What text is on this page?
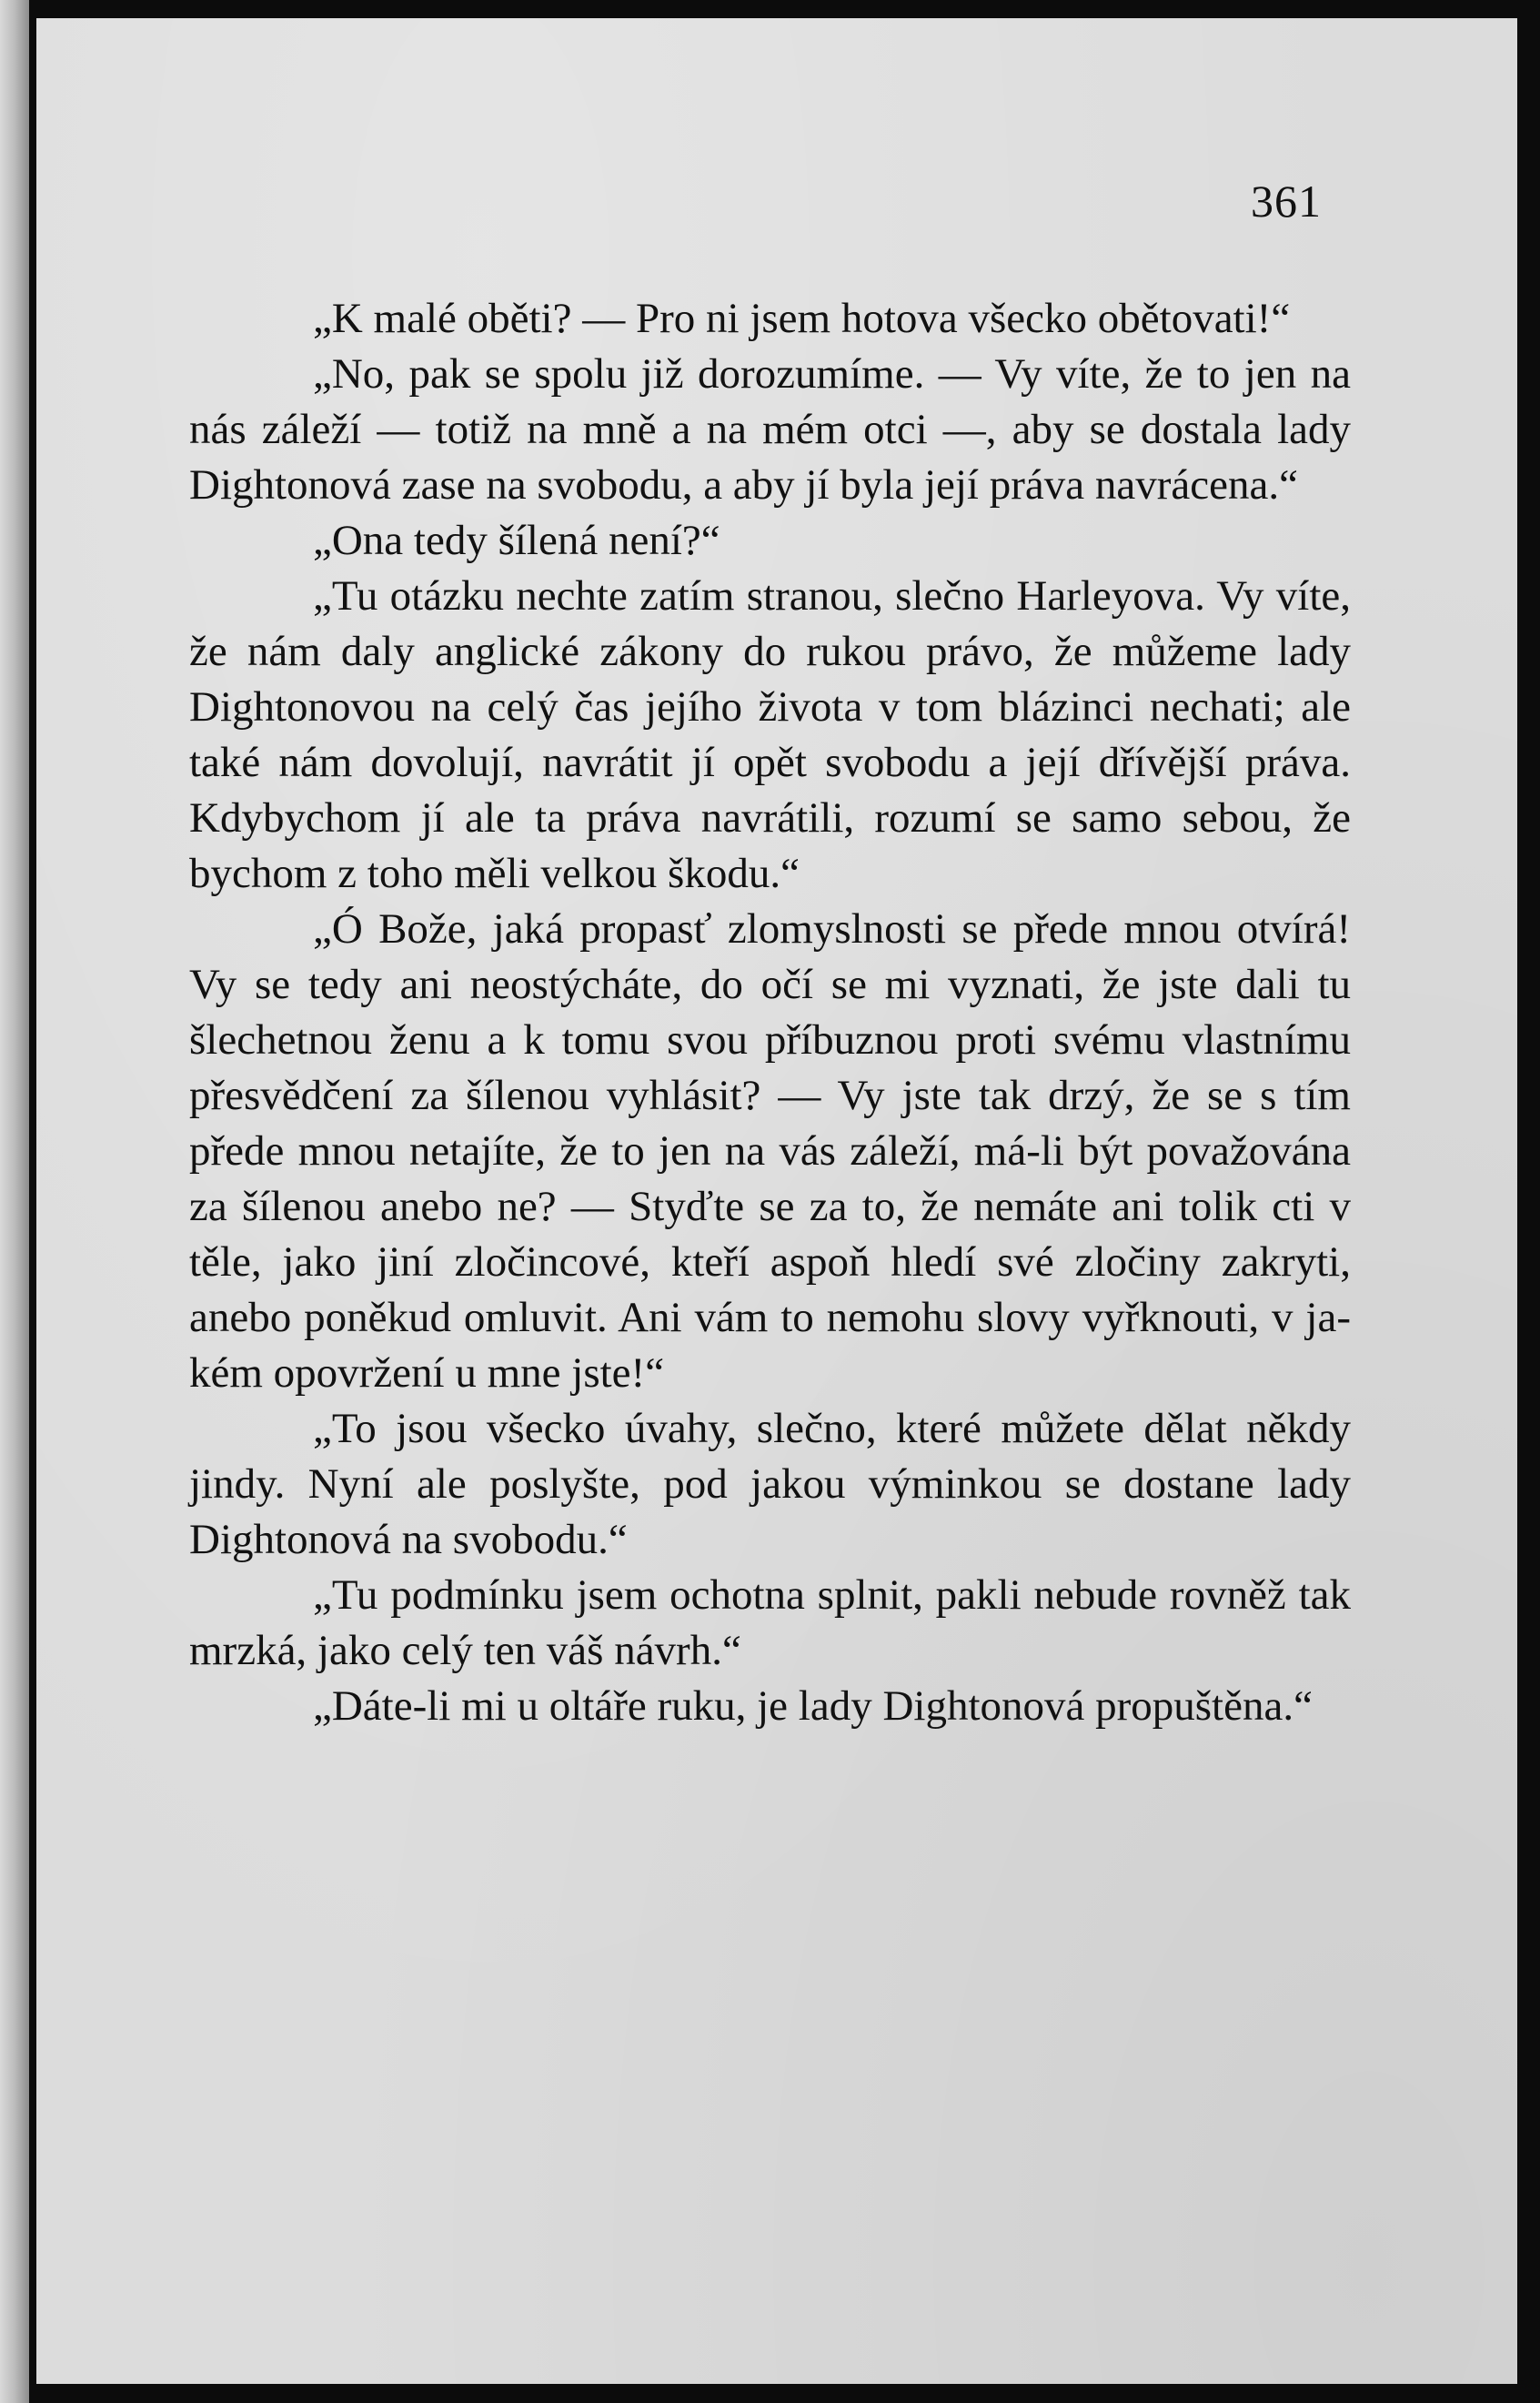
361

„K malé oběti? — Pro ni jsem hotova všecko obětovati!“

„No, pak se spolu již dorozumíme. — Vy víte, že to jen na nás záleží — totiž na mně a na mém otci —, aby se dostala lady Dightonová zase na svobodu, a aby jí byla její práva navrácena.“

„Ona tedy šílená není?“

„Tu otázku nechte zatím stranou, slečno Harleyova. Vy víte, že nám daly anglické zákony do rukou právo, že můžeme lady Dightonovou na celý čas jejího života v tom blázinci nechati; ale také nám dovolují, navrátit jí opět svobodu a její dřívější práva. Kdybychom jí ale ta práva navrátili, rozumí se samo sebou, že bychom z toho měli velkou škodu.“

„Ó Bože, jaká propasť zlomyslnosti se přede mnou otvírá! Vy se tedy ani neostýcháte, do očí se mi vyznati, že jste dali tu šlechetnou ženu a k tomu svou příbuznou proti svému vlastnímu přesvědčení za šílenou vyhlásit? — Vy jste tak drzý, že se s tím přede mnou netajíte, že to jen na vás záleží, má-li být považována za šílenou anebo ne? — Styďte se za to, že nemáte ani tolik cti v těle, jako jiní zločincové, kteří aspoň hledí své zločiny zakryti, anebo poněkud omluvit. Ani vám to nemohu slovy vyřknouti, v jakém opovržení u mne jste!“

„To jsou všecko úvahy, slečno, které můžete dělat někdy jindy. Nyní ale poslyšte, pod jakou výminkou se dostane lady Dightonová na svobodu.“

„Tu podmínku jsem ochotna splnit, pakli nebude rovněž tak mrzká, jako celý ten váš návrh.“

„Dáte-li mi u oltáře ruku, je lady Dightonová propuštěna.“
